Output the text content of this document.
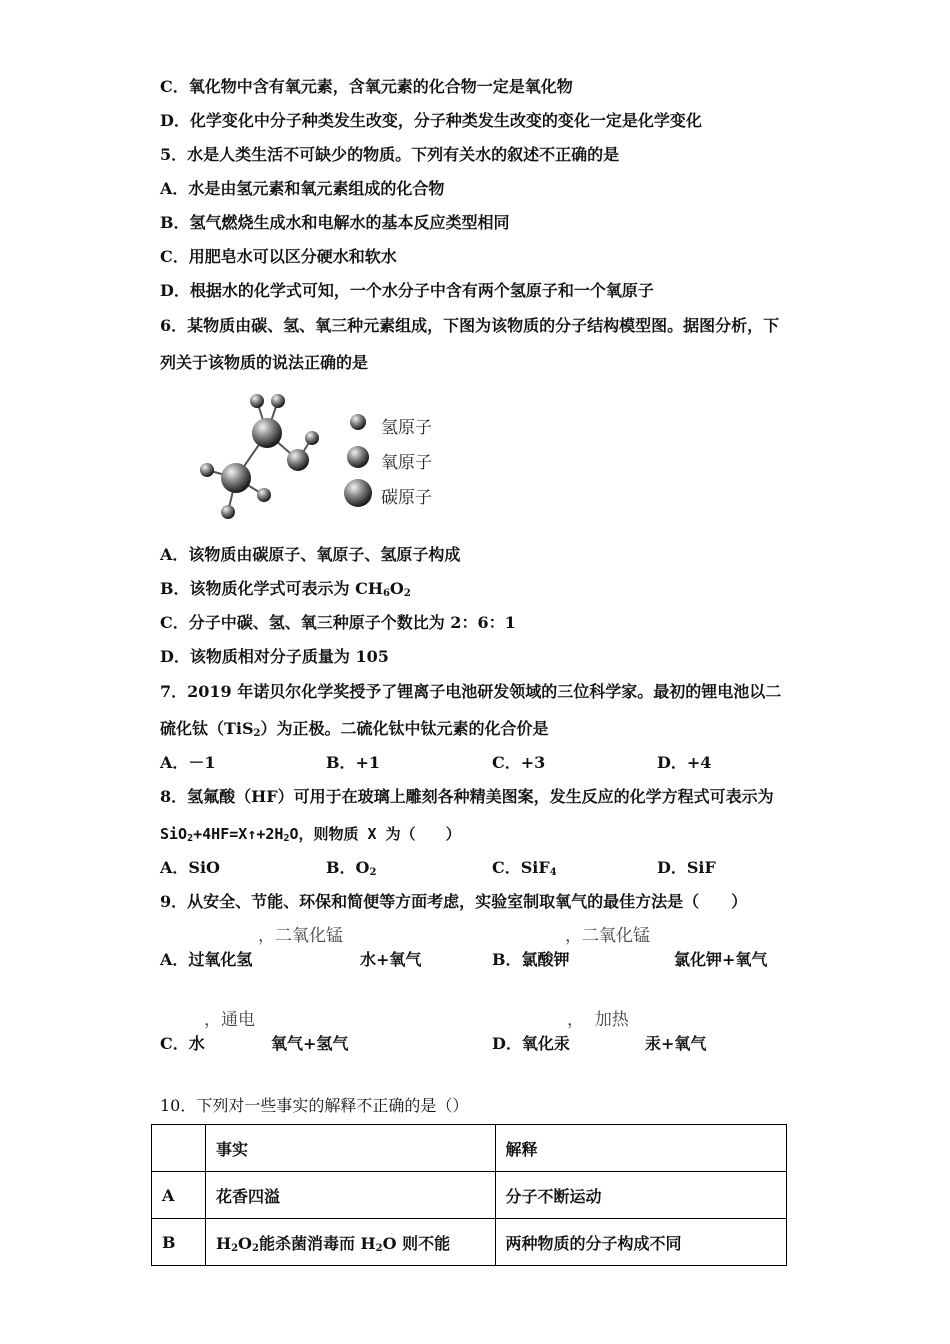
C．氧化物中含有氧元素，含氧元素的化合物一定是氧化物
D．化学变化中分子种类发生改变，分子种类发生改变的变化一定是化学变化
5．水是人类生活不可缺少的物质。下列有关水的叙述不正确的是
A．水是由氢元素和氧元素组成的化合物
B．氢气燃烧生成水和电解水的基本反应类型相同
C．用肥皂水可以区分硬水和软水
D．根据水的化学式可知，一个水分子中含有两个氢原子和一个氧原子
6．某物质由碳、氢、氧三种元素组成，下图为该物质的分子结构模型图。据图分析，下
列关于该物质的说法正确的是
氢原子
氧原子
碳原子
A．该物质由碳原子、氧原子、氢原子构成
B．该物质化学式可表示为 $CH_6O_2$
C．分子中碳、氢、氧三种原子个数比为 2：6：1
D．该物质相对分子质量为 105
7．2019 年诺贝尔化学奖授予了锂离子电池研发领域的三位科学家。最初的锂电池以二
硫化钛（TiS$_2$）为正极。二硫化钛中钛元素的化合价是
A．－1	B．+1	C．+3	D．+4
8．氢氟酸（HF）可用于在玻璃上雕刻各种精美图案，发生反应的化学方程式可表示为
$SiO_2+4HF=X↑+2H_2O$，则物质 X 为（　　）
A．SiO	B．$O_2$	C．SiF$_4$	D．SiF
9．从安全、节能、环保和简便等方面考虑，实验室制取氧气的最佳方法是（　　）
，二氧化锰
A．过氧化氢	水+氧气
，二氧化锰
B．氯酸钾	氯化钾+氧气
，通电
C．水	氧气+氢气
，  加热
D．氧化汞	汞+氧气
10．下列对一些事实的解释不正确的是（）
	事实	解释
A	花香四溢	分子不断运动
B	$H_2O_2$能杀菌消毒而 $H_2O$ 则不能	两种物质的分子构成不同
